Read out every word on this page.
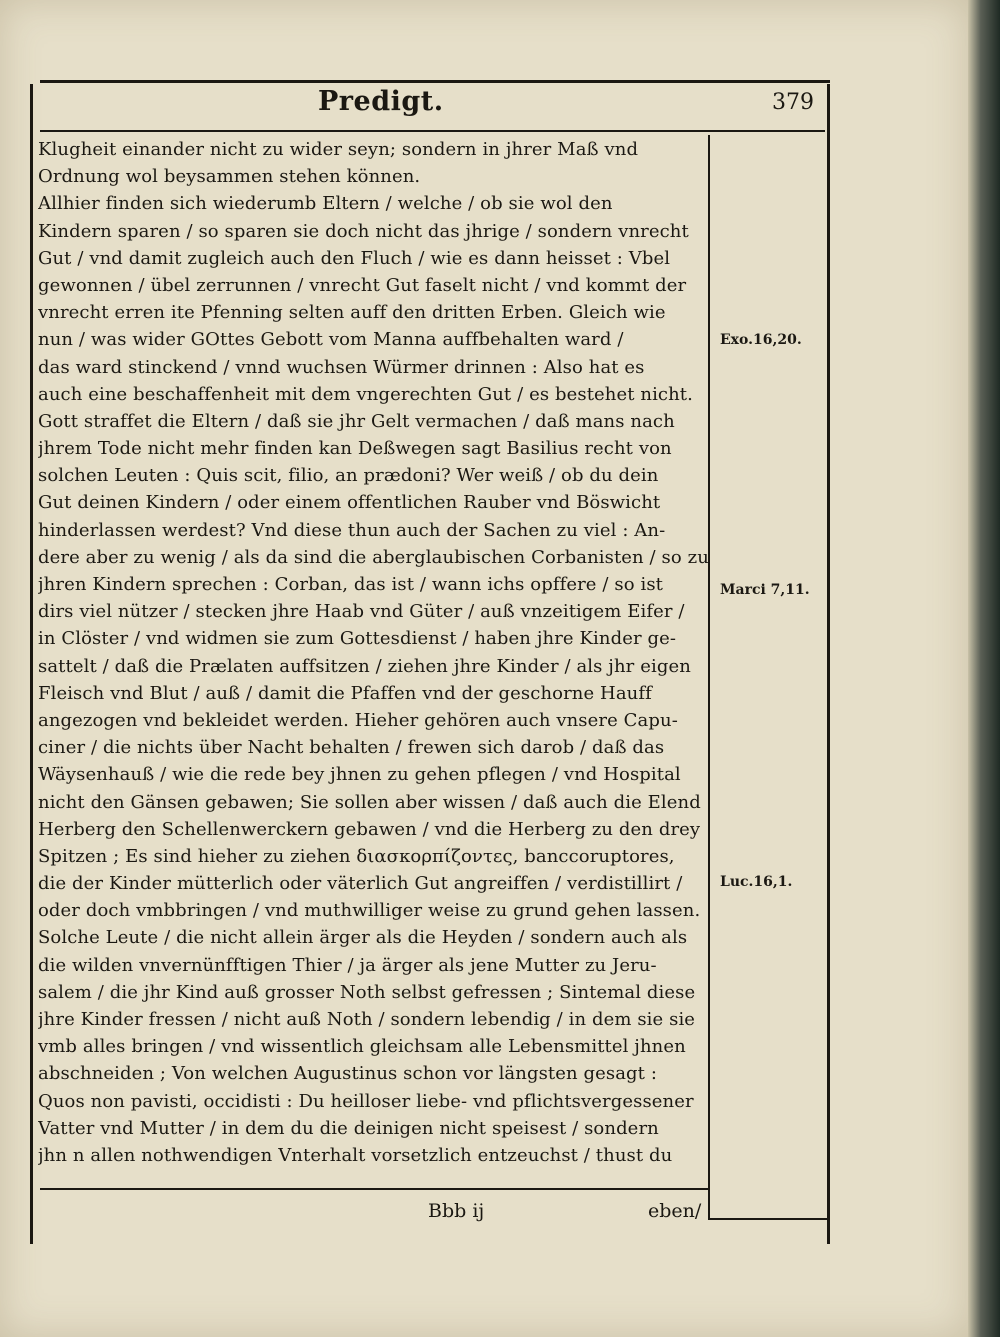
Predigt.	379
Klugheit einander nicht zu wider seyn; sondern in jhrer Maß vnd
Ordnung wol beysammen stehen können.
Allhier finden sich wiederumb Eltern / welche / ob sie wol den
Kindern sparen / so sparen sie doch nicht das jhrige / sondern vnrecht
Gut / vnd damit zugleich auch den Fluch / wie es dann heisset : Vbel
gewonnen / übel zerrunnen / vnrecht Gut faselt nicht / vnd kommt der
vnrecht erren ite Pfenning selten auff den dritten Erben. Gleich wie
nun / was wider GOttes Gebott vom Manna auffbehalten ward /
das ward stinckend / vnnd wuchsen Würmer drinnen : Also hat es
auch eine beschaffenheit mit dem vngerechten Gut / es bestehet nicht.
Gott straffet die Eltern / daß sie jhr Gelt vermachen / daß mans nach
jhrem Tode nicht mehr finden kan Deßwegen sagt Basilius recht von
solchen Leuten : Quis scit, filio, an prædoni? Wer weiß / ob du dein
Gut deinen Kindern / oder einem offentlichen Rauber vnd Böswicht
hinderlassen werdest? Vnd diese thun auch der Sachen zu viel : An-
dere aber zu wenig / als da sind die aberglaubischen Corbanisten / so zu
jhren Kindern sprechen : Corban, das ist / wann ichs opffere / so ist
dirs viel nützer / stecken jhre Haab vnd Güter / auß vnzeitigem Eifer /
in Clöster / vnd widmen sie zum Gottesdienst / haben jhre Kinder ge-
sattelt / daß die Prælaten auffsitzen / ziehen jhre Kinder / als jhr eigen
Fleisch vnd Blut / auß / damit die Pfaffen vnd der geschorne Hauff
angezogen vnd bekleidet werden. Hieher gehören auch vnsere Capu-
ciner / die nichts über Nacht behalten / frewen sich darob / daß das
Wäysenhauß / wie die rede bey jhnen zu gehen pflegen / vnd Hospital
nicht den Gänsen gebawen; Sie sollen aber wissen / daß auch die Elend
Herberg den Schellenwerckern gebawen / vnd die Herberg zu den drey
Spitzen ; Es sind hieher zu ziehen διασκορπίζοντες, banccoruptores,
die der Kinder mütterlich oder väterlich Gut angreiffen / verdistillirt /
oder doch vmbbringen / vnd muthwilliger weise zu grund gehen lassen.
Solche Leute / die nicht allein ärger als die Heyden / sondern auch als
die wilden vnvernünfftigen Thier / ja ärger als jene Mutter zu Jeru-
salem / die jhr Kind auß grosser Noth selbst gefressen ; Sintemal diese
jhre Kinder fressen / nicht auß Noth / sondern lebendig / in dem sie sie
vmb alles bringen / vnd wissentlich gleichsam alle Lebensmittel jhnen
abschneiden ; Von welchen Augustinus schon vor längsten gesagt :
Quos non pavisti, occidisti : Du heilloser liebe- vnd pflichtsvergessener
Vatter vnd Mutter / in dem du die deinigen nicht speisest / sondern
jhn n allen nothwendigen Vnterhalt vorsetzlich entzeuchst / thust du
Exo.16,20.
Marci 7,11.
Luc.16,1.
Bbb ij	eben/
